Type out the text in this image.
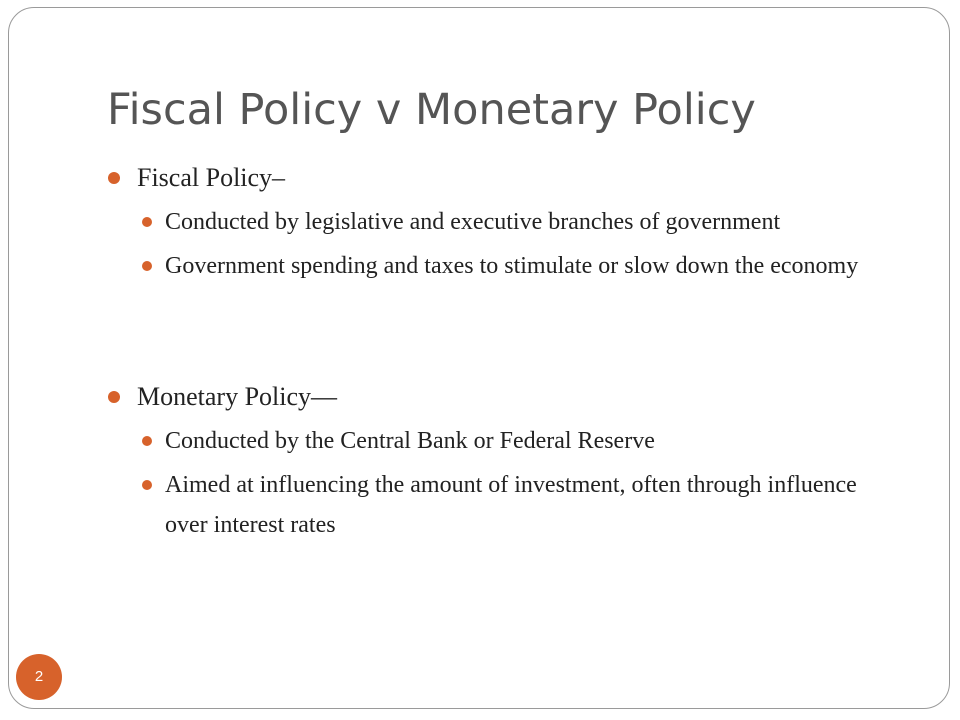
Fiscal Policy v Monetary Policy
Fiscal Policy–
Conducted by legislative and executive branches of government
Government spending and taxes to stimulate or slow down the economy
Monetary Policy—
Conducted by the Central Bank or Federal Reserve
Aimed at influencing the amount of investment, often through influence over interest rates
2
